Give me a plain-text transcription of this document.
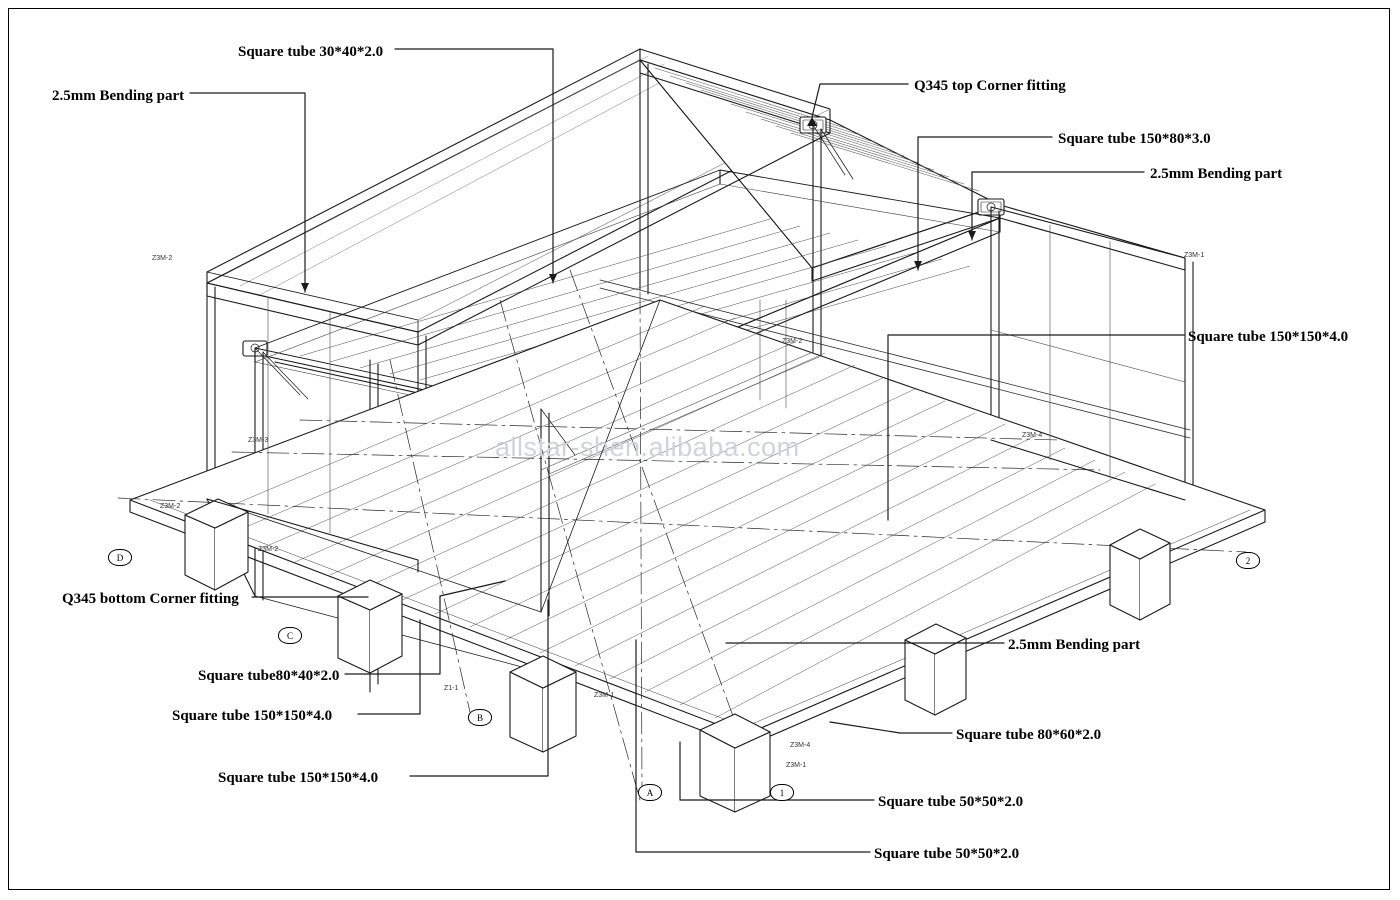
allstar-shen.alibaba.com
Square tube 30*40*2.0
2.5mm Bending part
Q345 top Corner fitting
Square tube 150*80*3.0
2.5mm Bending part
Square tube 150*150*4.0
Q345 bottom Corner fitting
2.5mm Bending part
Square tube80*40*2.0
Square tube 150*150*4.0
Square tube 80*60*2.0
Square tube 150*150*4.0
Square tube 50*50*2.0
Square tube 50*50*2.0
D
C
B
A	1
2
Z3M-2	Z3M-1
Z3M-3
Z3M-2
Z3M-2
Z3M-2
Z3M-4
Z3M-1
Z1-1
Z3M-4
Z3M-1
